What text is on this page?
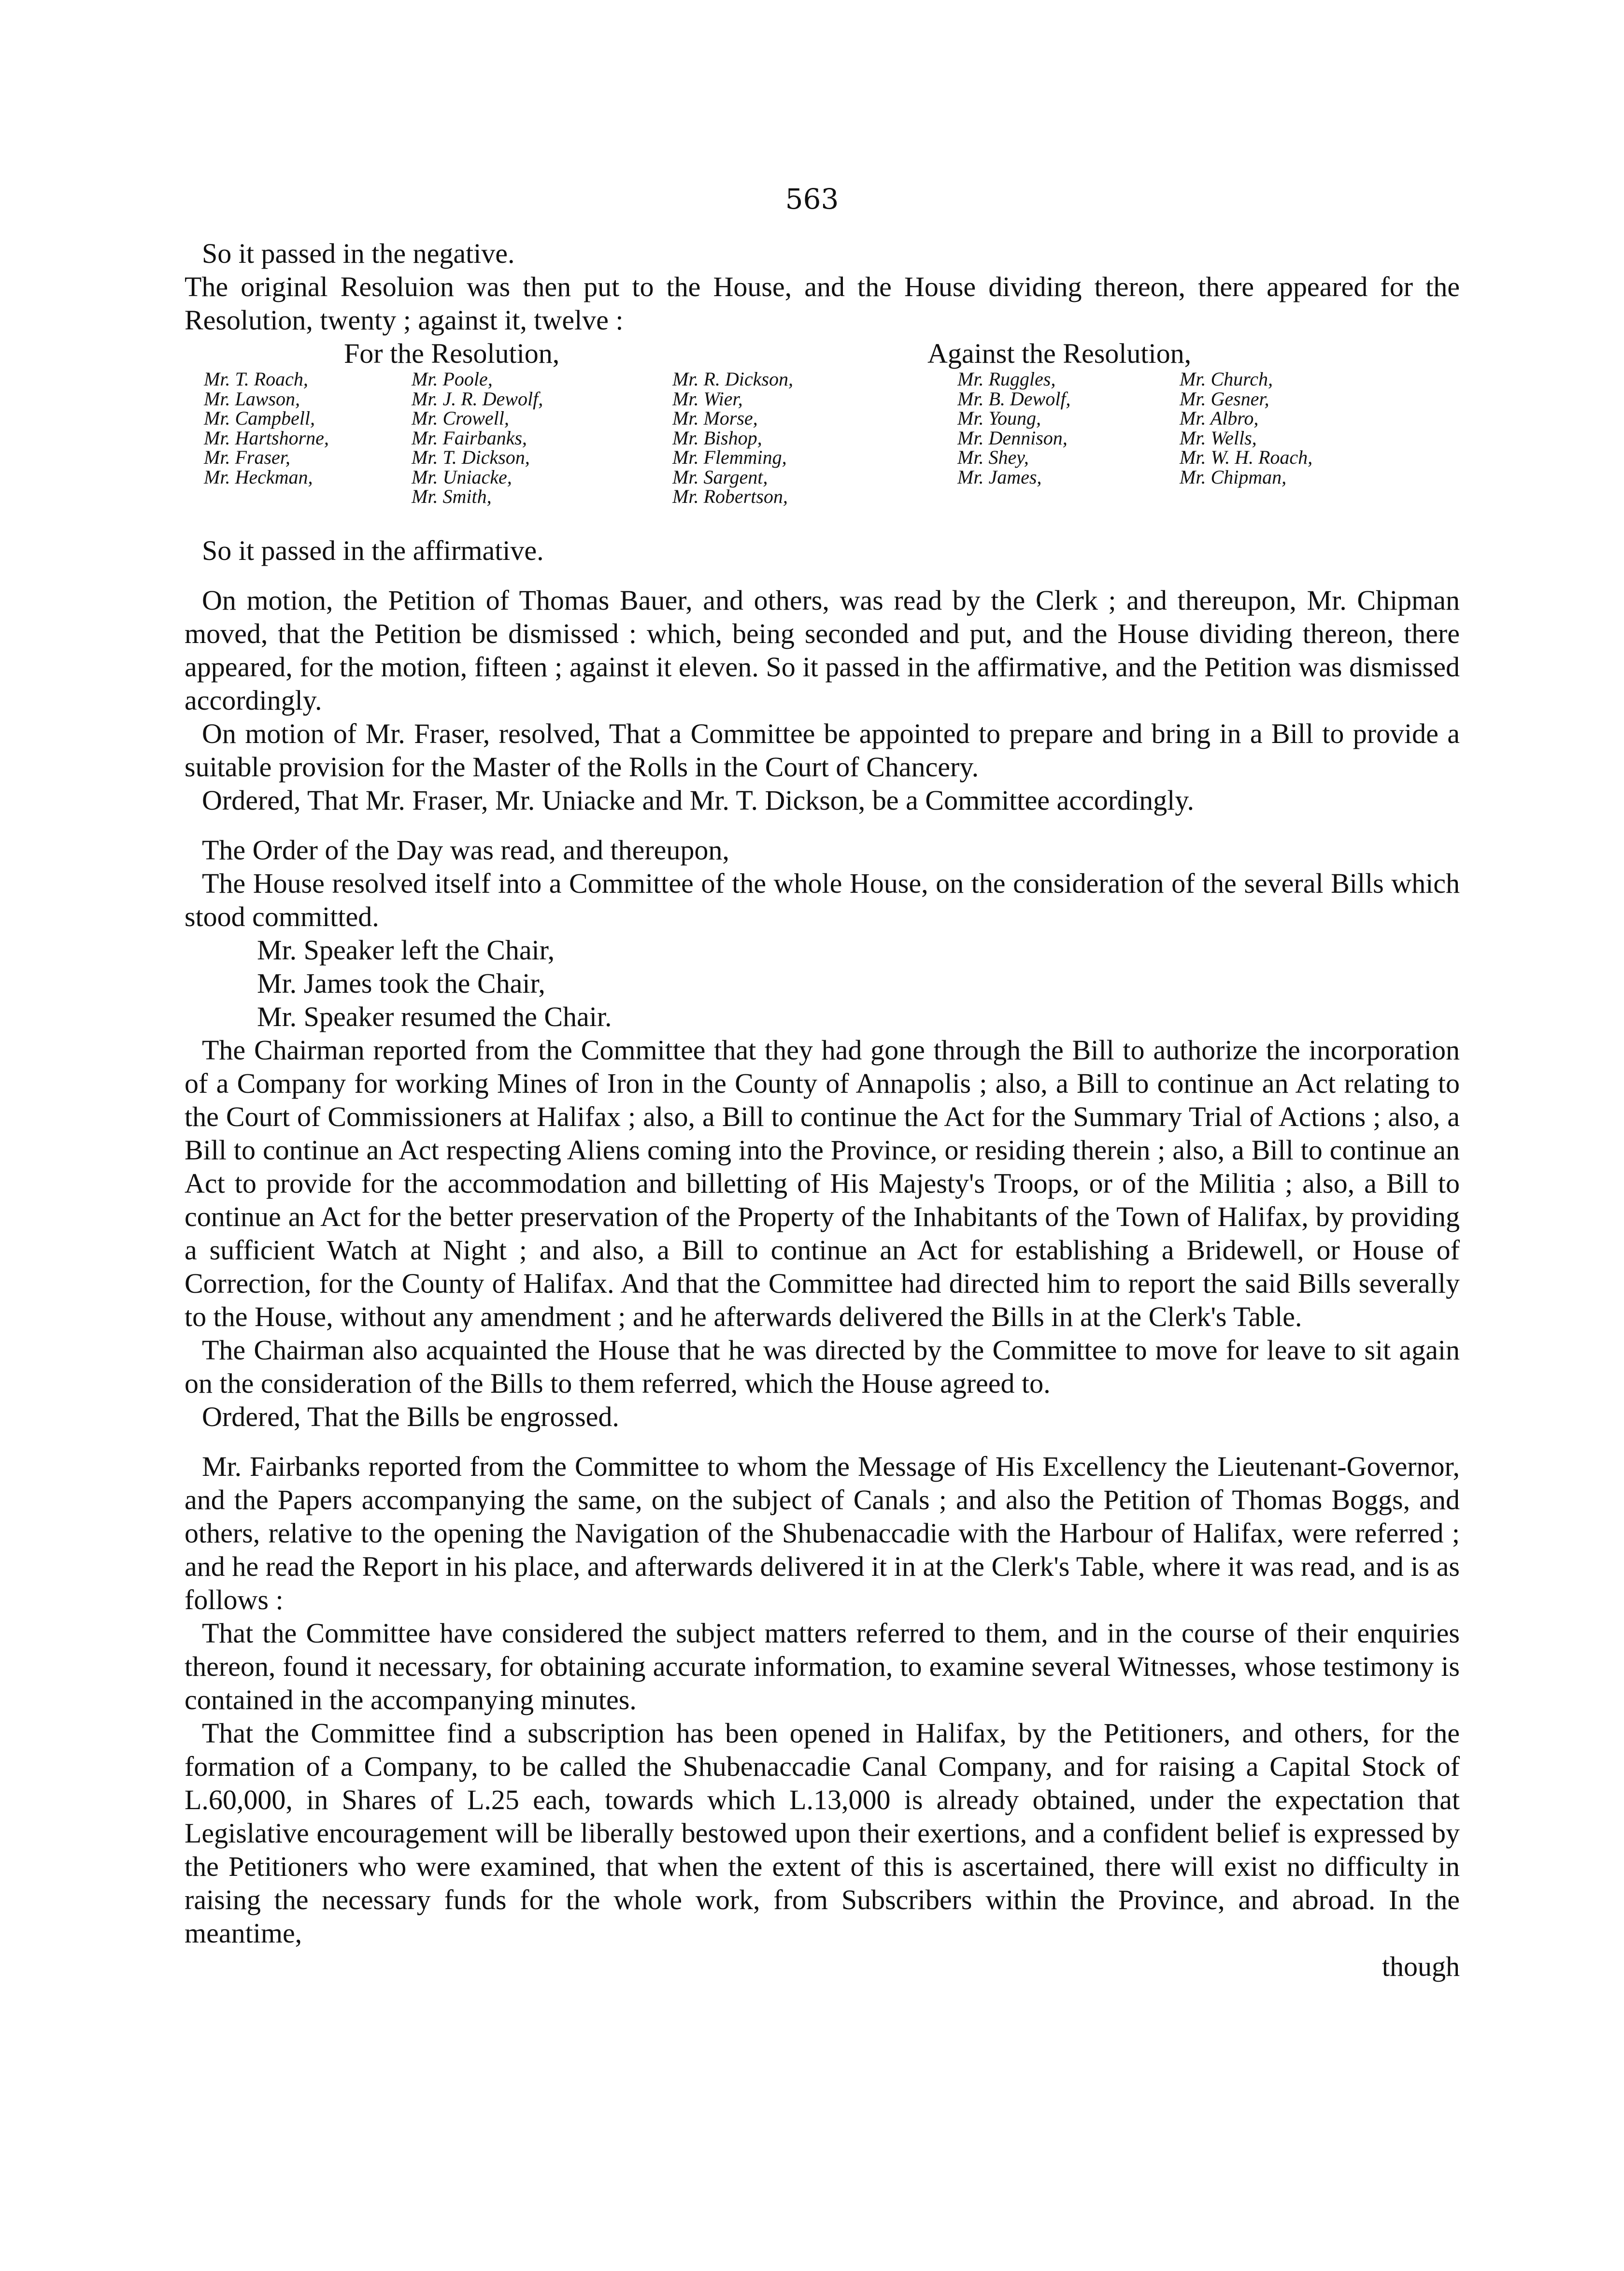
563

So it passed in the negative.

The original Resoluion was then put to the House, and the House dividing thereon, there appeared for the Resolution, twenty ; against it, twelve :

For the Resolution,	Against the Resolution,
Mr. T. Roach,
Mr. Lawson,
Mr. Campbell,
Mr. Hartshorne,
Mr. Fraser,
Mr. Heckman,
Mr. Poole,
Mr. J. R. Dewolf,
Mr. Crowell,
Mr. Fairbanks,
Mr. T. Dickson,
Mr. Uniacke,
Mr. Smith,
Mr. R. Dickson,
Mr. Wier,
Mr. Morse,
Mr. Bishop,
Mr. Flemming,
Mr. Sargent,
Mr. Robertson,
Mr. Ruggles,
Mr. B. Dewolf,
Mr. Young,
Mr. Dennison,
Mr. Shey,
Mr. James,
Mr. Church,
Mr. Gesner,
Mr. Albro,
Mr. Wells,
Mr. W. H. Roach,
Mr. Chipman,

So it passed in the affirmative.

On motion, the Petition of Thomas Bauer, and others, was read by the Clerk ; and thereupon, Mr. Chipman moved, that the Petition be dismissed : which, being seconded and put, and the House dividing thereon, there appeared, for the motion, fifteen ; against it eleven. So it passed in the affirmative, and the Petition was dismissed accordingly.

On motion of Mr. Fraser, resolved, That a Committee be appointed to prepare and bring in a Bill to provide a suitable provision for the Master of the Rolls in the Court of Chancery.

Ordered, That Mr. Fraser, Mr. Uniacke and Mr. T. Dickson, be a Committee accordingly.

The Order of the Day was read, and thereupon,

The House resolved itself into a Committee of the whole House, on the consideration of the several Bills which stood committed.

Mr. Speaker left the Chair,

Mr. James took the Chair,

Mr. Speaker resumed the Chair.

The Chairman reported from the Committee that they had gone through the Bill to authorize the incorporation of a Company for working Mines of Iron in the County of Annapolis ; also, a Bill to continue an Act relating to the Court of Commissioners at Halifax ; also, a Bill to continue the Act for the Summary Trial of Actions ; also, a Bill to continue an Act respecting Aliens coming into the Province, or residing therein ; also, a Bill to continue an Act to provide for the accommodation and billetting of His Majesty's Troops, or of the Militia ; also, a Bill to continue an Act for the better preservation of the Property of the Inhabitants of the Town of Halifax, by providing a sufficient Watch at Night ; and also, a Bill to continue an Act for establishing a Bridewell, or House of Correction, for the County of Halifax. And that the Committee had directed him to report the said Bills severally to the House, without any amendment ; and he afterwards delivered the Bills in at the Clerk's Table.

The Chairman also acquainted the House that he was directed by the Committee to move for leave to sit again on the consideration of the Bills to them referred, which the House agreed to.

Ordered, That the Bills be engrossed.

Mr. Fairbanks reported from the Committee to whom the Message of His Excellency the Lieutenant-Governor, and the Papers accompanying the same, on the subject of Canals ; and also the Petition of Thomas Boggs, and others, relative to the opening the Navigation of the Shubenaccadie with the Harbour of Halifax, were referred ; and he read the Report in his place, and afterwards delivered it in at the Clerk's Table, where it was read, and is as follows :

That the Committee have considered the subject matters referred to them, and in the course of their enquiries thereon, found it necessary, for obtaining accurate information, to examine several Witnesses, whose testimony is contained in the accompanying minutes.

That the Committee find a subscription has been opened in Halifax, by the Petitioners, and others, for the formation of a Company, to be called the Shubenaccadie Canal Company, and for raising a Capital Stock of L.60,000, in Shares of L.25 each, towards which L.13,000 is already obtained, under the expectation that Legislative encouragement will be liberally bestowed upon their exertions, and a confident belief is expressed by the Petitioners who were examined, that when the extent of this is ascertained, there will exist no difficulty in raising the necessary funds for the whole work, from Subscribers within the Province, and abroad. In the meantime,

though
